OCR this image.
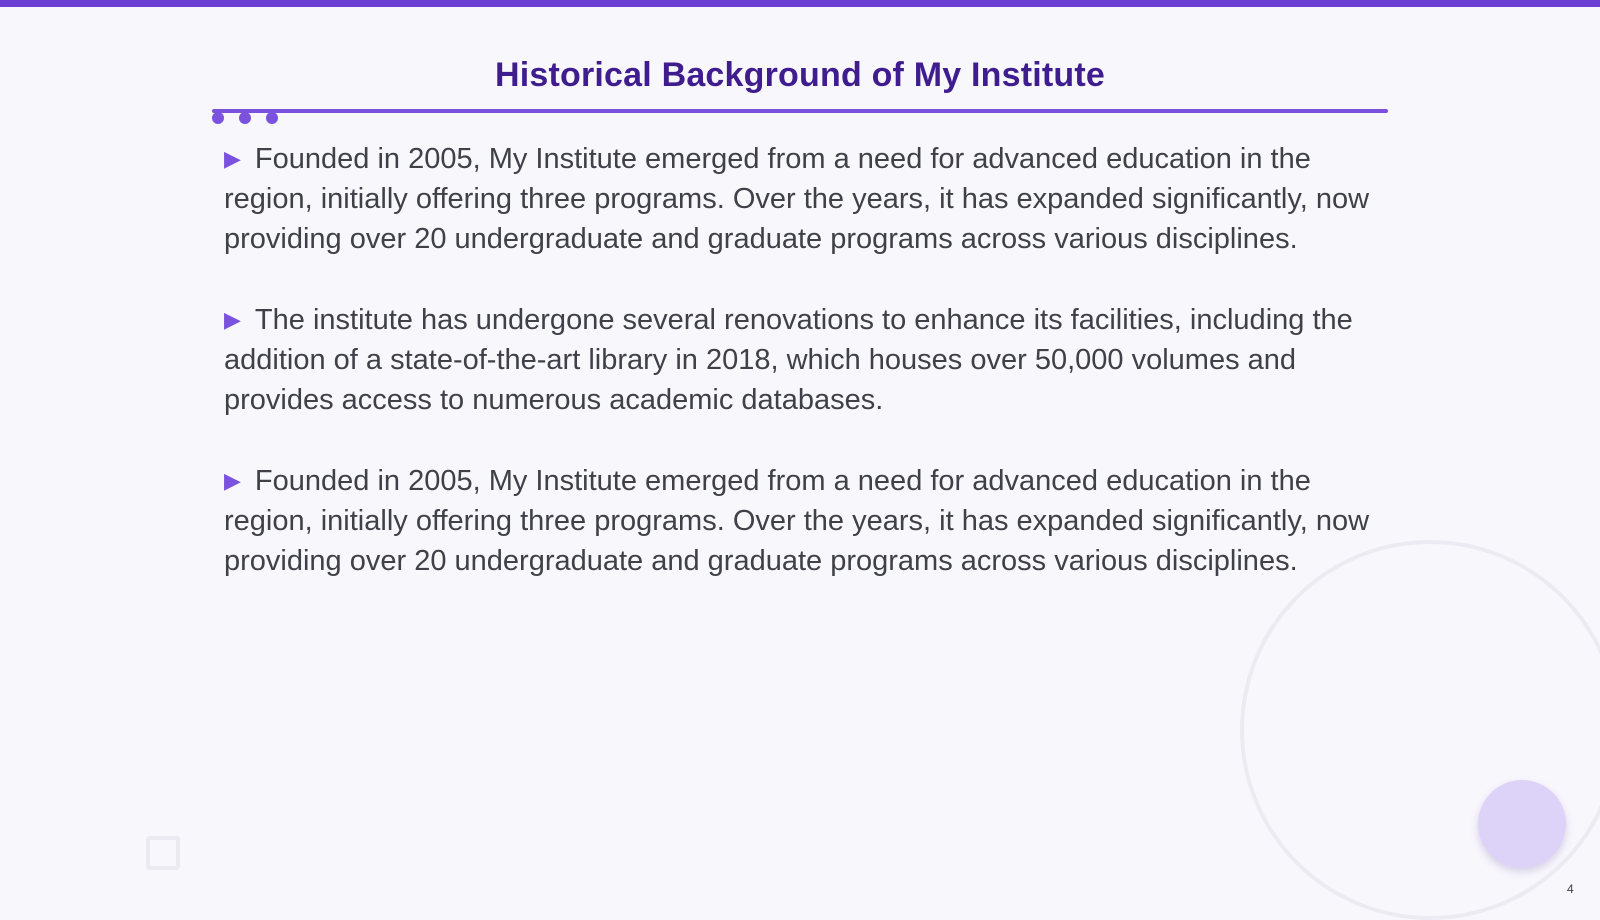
Historical Background of My Institute

▶ Founded in 2005, My Institute emerged from a need for advanced education in the region, initially offering three programs. Over the years, it has expanded significantly, now providing over 20 undergraduate and graduate programs across various disciplines.

▶ The institute has undergone several renovations to enhance its facilities, including the addition of a state-of-the-art library in 2018, which houses over 50,000 volumes and provides access to numerous academic databases.

▶ Founded in 2005, My Institute emerged from a need for advanced education in the region, initially offering three programs. Over the years, it has expanded significantly, now providing over 20 undergraduate and graduate programs across various disciplines.

4
